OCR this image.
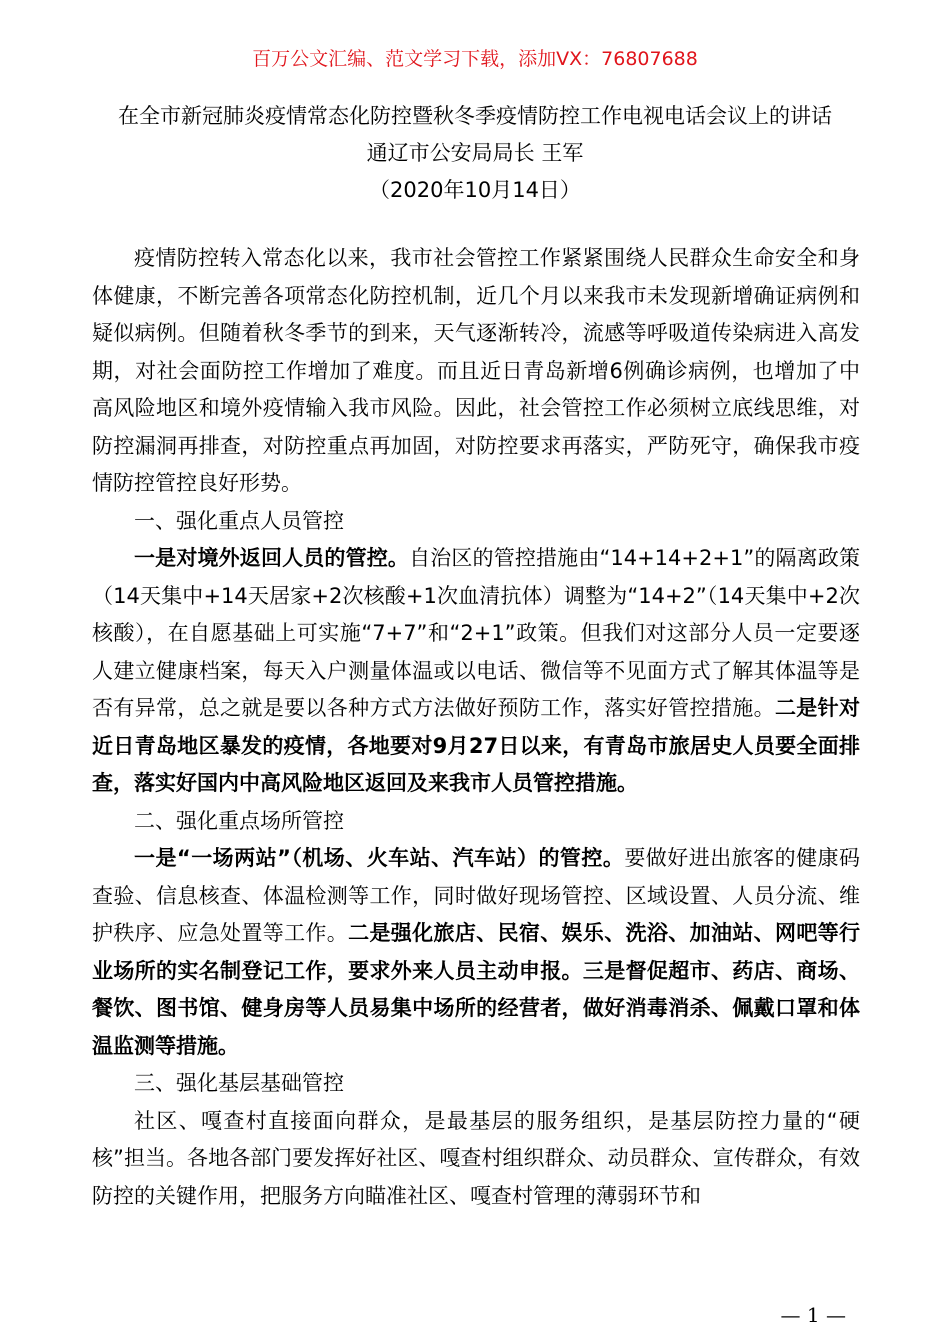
百万公文汇编、范文学习下载，添加VX：76807688
在全市新冠肺炎疫情常态化防控暨秋冬季疫情防控工作电视电话会议上的讲话
通辽市公安局局长 王军
（2020年10月14日）

疫情防控转入常态化以来，我市社会管控工作紧紧围绕人民群众生命安全和身体健康，不断完善各项常态化防控机制，近几个月以来我市未发现新增确证病例和疑似病例。但随着秋冬季节的到来，天气逐渐转冷，流感等呼吸道传染病进入高发期，对社会面防控工作增加了难度。而且近日青岛新增6例确诊病例，也增加了中高风险地区和境外疫情输入我市风险。因此，社会管控工作必须树立底线思维，对防控漏洞再排查，对防控重点再加固，对防控要求再落实，严防死守，确保我市疫情防控管控良好形势。

一、强化重点人员管控

一是对境外返回人员的管控。自治区的管控措施由“14+14+2+1”的隔离政策（14天集中+14天居家+2次核酸+1次血清抗体）调整为“14+2”（14天集中+2次核酸），在自愿基础上可实施“7+7”和“2+1”政策。但我们对这部分人员一定要逐人建立健康档案，每天入户测量体温或以电话、微信等不见面方式了解其体温等是否有异常，总之就是要以各种方式方法做好预防工作，落实好管控措施。二是针对近日青岛地区暴发的疫情，各地要对9月27日以来，有青岛市旅居史人员要全面排查，落实好国内中高风险地区返回及来我市人员管控措施。

二、强化重点场所管控

一是“一场两站”（机场、火车站、汽车站）的管控。要做好进出旅客的健康码查验、信息核查、体温检测等工作，同时做好现场管控、区域设置、人员分流、维护秩序、应急处置等工作。二是强化旅店、民宿、娱乐、洗浴、加油站、网吧等行业场所的实名制登记工作，要求外来人员主动申报。三是督促超市、药店、商场、餐饮、图书馆、健身房等人员易集中场所的经营者，做好消毒消杀、佩戴口罩和体温监测等措施。

三、强化基层基础管控

社区、嘎查村直接面向群众，是最基层的服务组织，是基层防控力量的“硬核”担当。各地各部门要发挥好社区、嘎查村组织群众、动员群众、宣传群众，有效防控的关键作用，把服务方向瞄准社区、嘎查村管理的薄弱环节和

— 1 —
